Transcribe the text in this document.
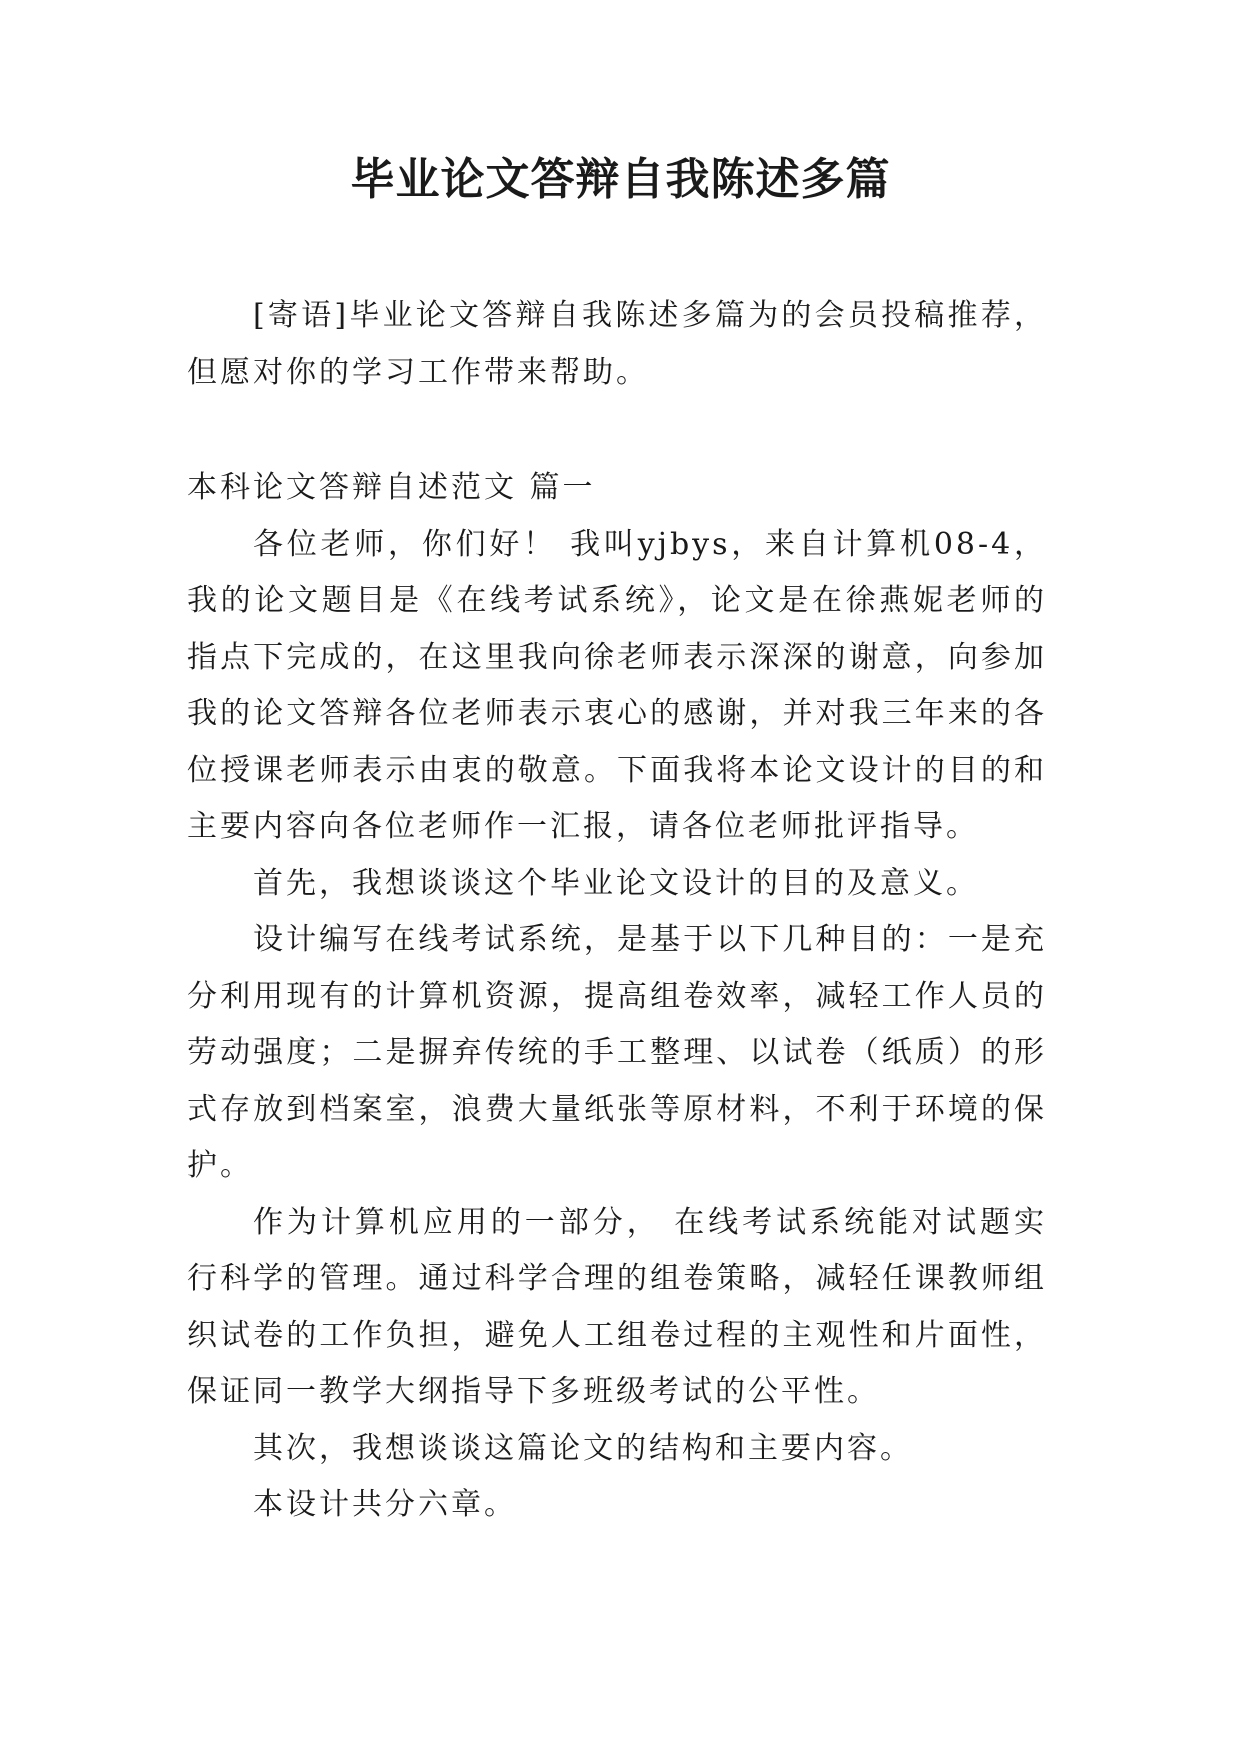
毕业论文答辩自我陈述多篇

[寄语]毕业论文答辩自我陈述多篇为的会员投稿推荐，但愿对你的学习工作带来帮助。

本科论文答辩自述范文 篇一

各位老师，你们好！ 我叫yjbys，来自计算机08-4，我的论文题目是《在线考试系统》，论文是在徐燕妮老师的指点下完成的，在这里我向徐老师表示深深的谢意，向参加我的论文答辩各位老师表示衷心的感谢，并对我三年来的各位授课老师表示由衷的敬意。下面我将本论文设计的目的和主要内容向各位老师作一汇报，请各位老师批评指导。

首先，我想谈谈这个毕业论文设计的目的及意义。

设计编写在线考试系统，是基于以下几种目的：一是充分利用现有的计算机资源，提高组卷效率，减轻工作人员的劳动强度；二是摒弃传统的手工整理、以试卷（纸质）的形式存放到档案室，浪费大量纸张等原材料，不利于环境的保护。

作为计算机应用的一部分， 在线考试系统能对试题实行科学的管理。通过科学合理的组卷策略，减轻任课教师组织试卷的工作负担，避免人工组卷过程的主观性和片面性，保证同一教学大纲指导下多班级考试的公平性。

其次，我想谈谈这篇论文的结构和主要内容。

本设计共分六章。
